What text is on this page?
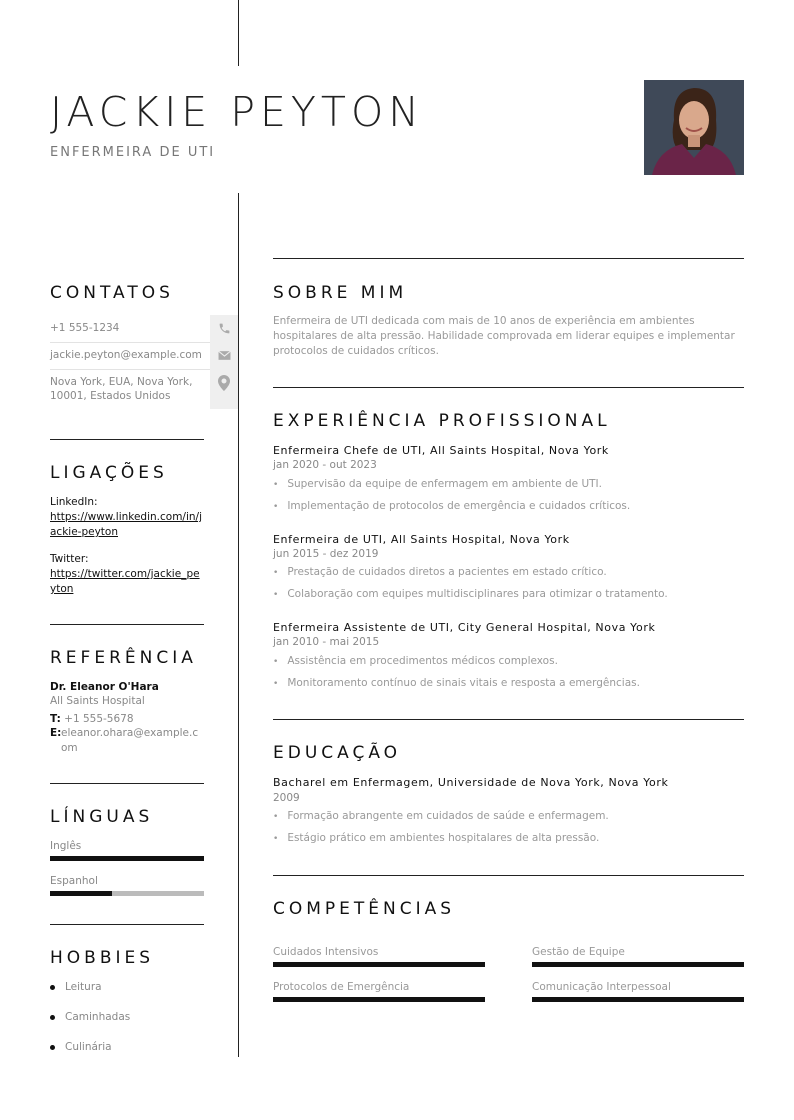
JACKIE PEYTON
ENFERMEIRA DE UTI
CONTATOS
+1 555-1234
jackie.peyton@example.com
Nova York, EUA, Nova York, 10001, Estados Unidos
LIGAÇÕES
LinkedIn:
https://www.linkedin.com/in/jackie-peyton
Twitter:
https://twitter.com/jackie_peyton
REFERÊNCIA
Dr. Eleanor O'Hara
All Saints Hospital
T: +1 555-5678
E: eleanor.ohara@example.com
LÍNGUAS
Inglês
Espanhol
HOBBIES
Leitura
Caminhadas
Culinária
SOBRE MIM
Enfermeira de UTI dedicada com mais de 10 anos de experiência em ambientes hospitalares de alta pressão. Habilidade comprovada em liderar equipes e implementar protocolos de cuidados críticos.
EXPERIÊNCIA PROFISSIONAL
Enfermeira Chefe de UTI, All Saints Hospital, Nova York
jan 2020 - out 2023
• Supervisão da equipe de enfermagem em ambiente de UTI.
• Implementação de protocolos de emergência e cuidados críticos.
Enfermeira de UTI, All Saints Hospital, Nova York
jun 2015 - dez 2019
• Prestação de cuidados diretos a pacientes em estado crítico.
• Colaboração com equipes multidisciplinares para otimizar o tratamento.
Enfermeira Assistente de UTI, City General Hospital, Nova York
jan 2010 - mai 2015
• Assistência em procedimentos médicos complexos.
• Monitoramento contínuo de sinais vitais e resposta a emergências.
EDUCAÇÃO
Bacharel em Enfermagem, Universidade de Nova York, Nova York
2009
• Formação abrangente em cuidados de saúde e enfermagem.
• Estágio prático em ambientes hospitalares de alta pressão.
COMPETÊNCIAS
Cuidados Intensivos	Gestão de Equipe
Protocolos de Emergência	Comunicação Interpessoal
